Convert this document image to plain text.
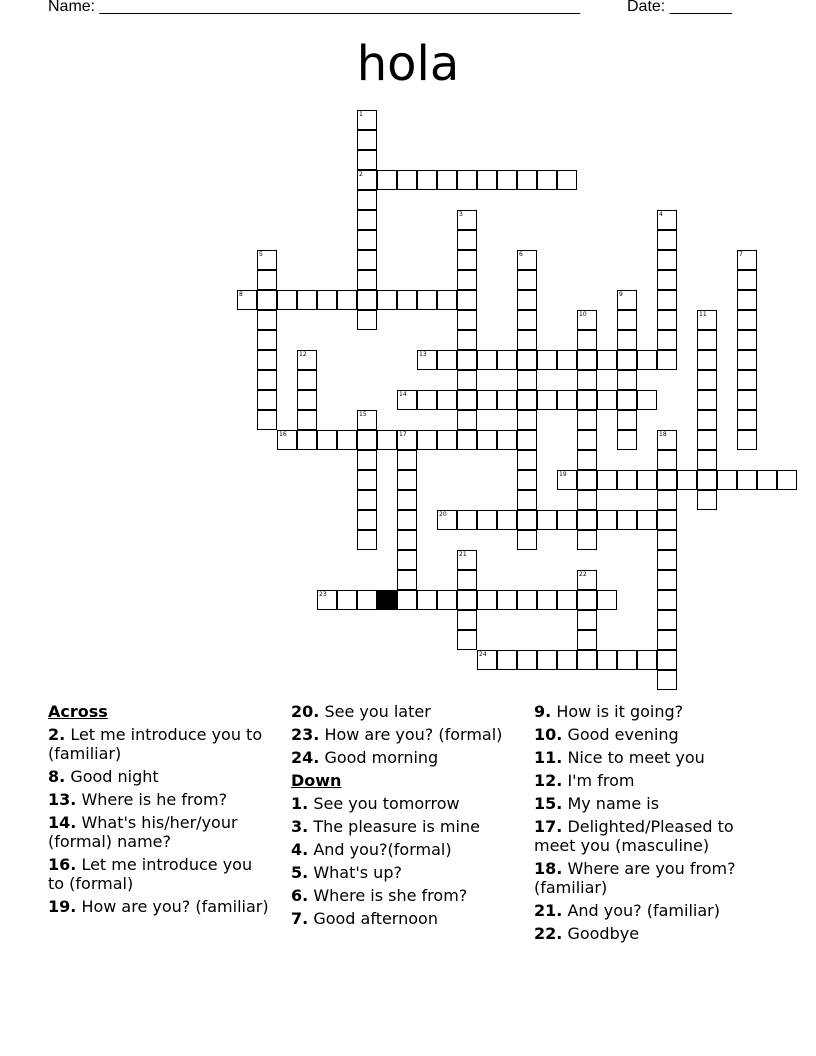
Name: ______________________________________________________	Date: _______
hola
1
2
3	4
5	6	7
8	9
10	11
12	13
14
15
16	17	18
19
20
21
22
23
24
Across
2. Let me introduce you to (familiar)
8. Good night
13. Where is he from?
14. What's his/her/your (formal) name?
16. Let me introduce you to (formal)
19. How are you? (familiar)
20. See you later
23. How are you? (formal)
24. Good morning
Down
1. See you tomorrow
3. The pleasure is mine
4. And you?(formal)
5. What's up?
6. Where is she from?
7. Good afternoon
9. How is it going?
10. Good evening
11. Nice to meet you
12. I'm from
15. My name is
17. Delighted/Pleased to meet you (masculine)
18. Where are you from? (familiar)
21. And you? (familiar)
22. Goodbye
